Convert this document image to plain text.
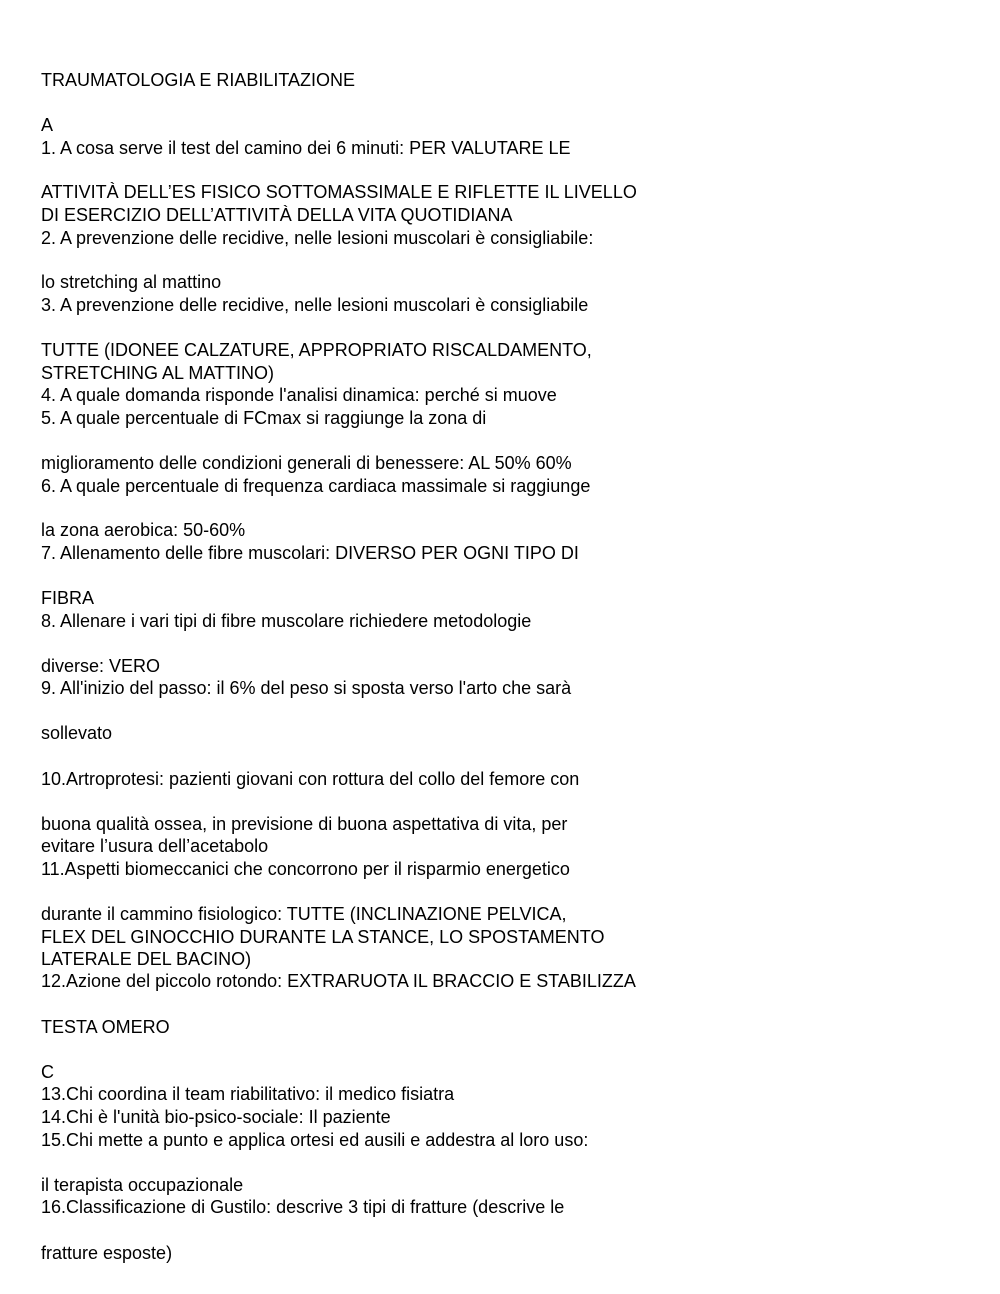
TRAUMATOLOGIA E RIABILITAZIONE

A

1. A cosa serve il test del camino dei 6 minuti: PER VALUTARE LE

ATTIVITÀ DELL’ES FISICO SOTTOMASSIMALE E RIFLETTE IL LIVELLO

DI ESERCIZIO DELL’ATTIVITÀ DELLA VITA QUOTIDIANA

2. A prevenzione delle recidive, nelle lesioni muscolari è consigliabile:

lo stretching al mattino

3. A prevenzione delle recidive, nelle lesioni muscolari è consigliabile

TUTTE (IDONEE CALZATURE, APPROPRIATO RISCALDAMENTO,

STRETCHING AL MATTINO)

4. A quale domanda risponde l'analisi dinamica: perché si muove

5. A quale percentuale di FCmax si raggiunge la zona di

miglioramento delle condizioni generali di benessere: AL 50% 60%

6. A quale percentuale di frequenza cardiaca massimale si raggiunge

la zona aerobica: 50-60%

7. Allenamento delle fibre muscolari: DIVERSO PER OGNI TIPO DI

FIBRA

8. Allenare i vari tipi di fibre muscolare richiedere metodologie

diverse: VERO

9. All'inizio del passo: il 6% del peso si sposta verso l'arto che sarà

sollevato

10.Artroprotesi: pazienti giovani con rottura del collo del femore con

buona qualità ossea, in previsione di buona aspettativa di vita, per

evitare l’usura dell’acetabolo

11.Aspetti biomeccanici che concorrono per il risparmio energetico

durante il cammino fisiologico: TUTTE (INCLINAZIONE PELVICA,

FLEX DEL GINOCCHIO DURANTE LA STANCE, LO SPOSTAMENTO

LATERALE DEL BACINO)

12.Azione del piccolo rotondo: EXTRARUOTA IL BRACCIO E STABILIZZA

TESTA OMERO

C

13.Chi coordina il team riabilitativo: il medico fisiatra

14.Chi è l'unità bio-psico-sociale: Il paziente

15.Chi mette a punto e applica ortesi ed ausili e addestra al loro uso:

il terapista occupazionale

16.Classificazione di Gustilo: descrive 3 tipi di fratture (descrive le

fratture esposte)
